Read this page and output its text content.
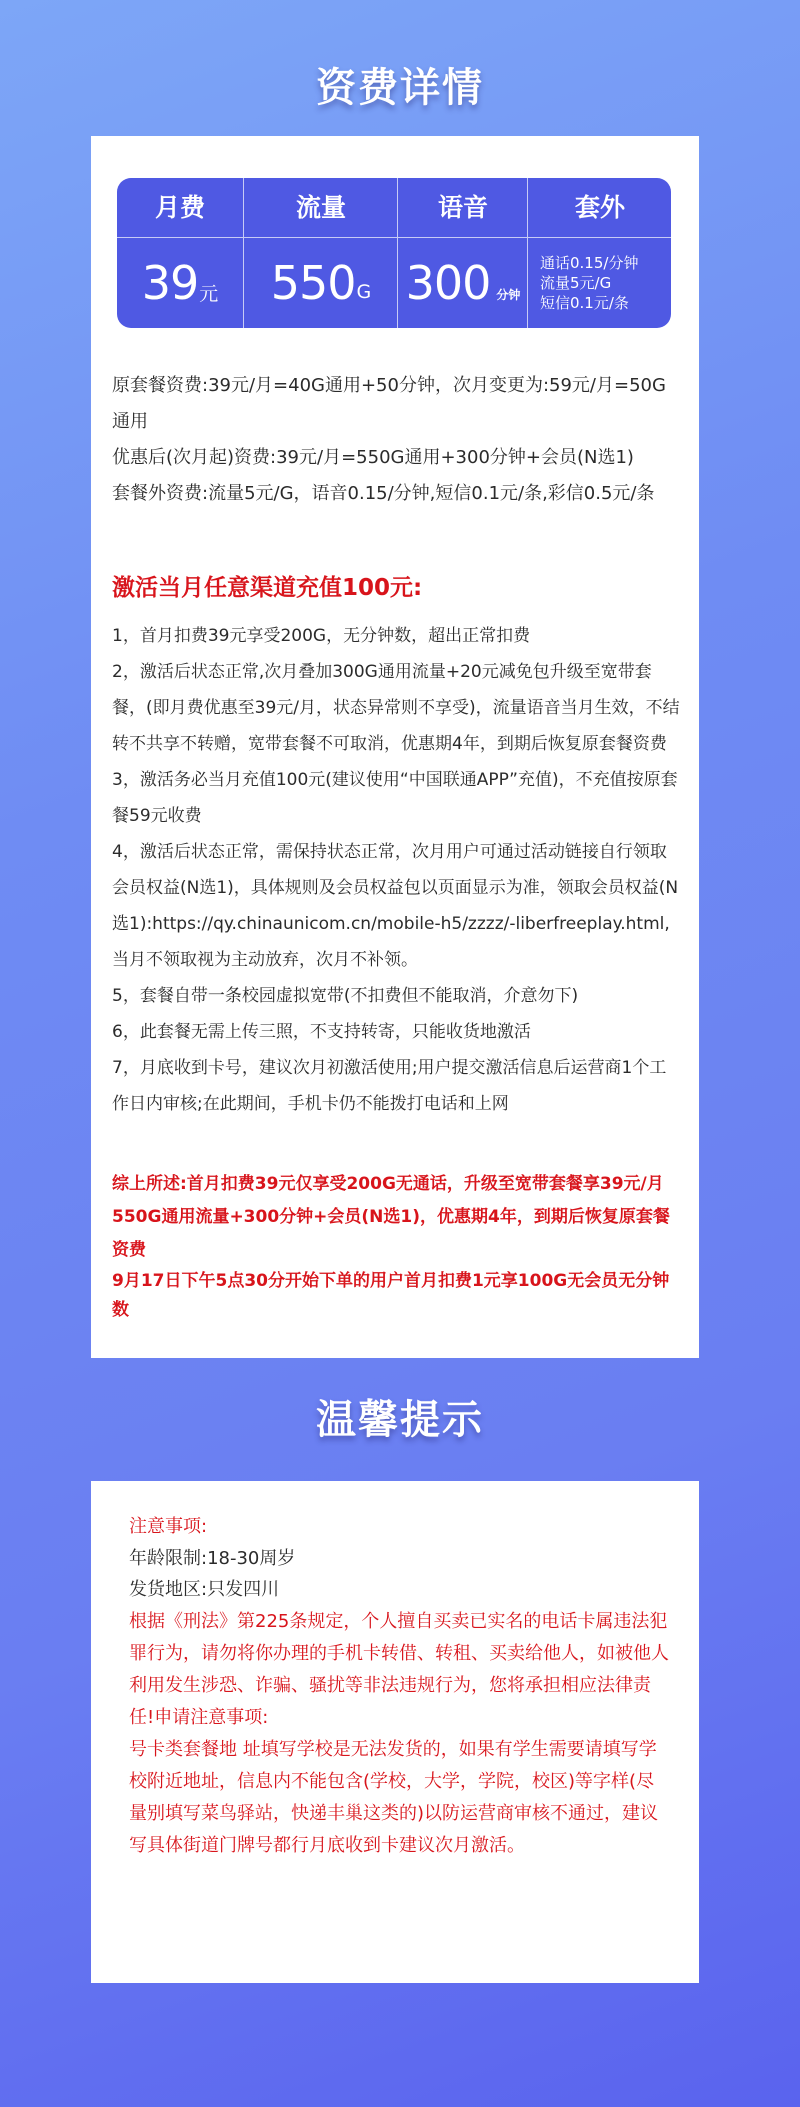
资费详情
月费
39 元
流量
550 G
语音
300 分钟
套外
通话0.15/分钟
流量5元/G
短信0.1元/条

原套餐资费:39元/月=40G通用+50分钟，次月变更为:59元/月=50G通用

优惠后(次月起)资费:39元/月=550G通用+300分钟+会员(N选1)

套餐外资费:流量5元/G，语音0.15/分钟,短信0.1元/条,彩信0.5元/条

激活当月任意渠道充值100元:

1，首月扣费39元享受200G，无分钟数，超出正常扣费

2，激活后状态正常,次月叠加300G通用流量+20元减免包升级至宽带套餐，(即月费优惠至39元/月，状态异常则不享受)，流量语音当月生效，不结转不共享不转赠，宽带套餐不可取消，优惠期4年，到期后恢复原套餐资费

3，激活务必当月充值100元(建议使用“中国联通APP”充值)，不充值按原套餐59元收费

4，激活后状态正常，需保持状态正常，次月用户可通过活动链接自行领取会员权益(N选1)，具体规则及会员权益包以页面显示为准，领取会员权益(N选1):https://qy.chinaunicom.cn/mobile-h5/zzzz/-liberfreeplay.html,当月不领取视为主动放弃，次月不补领。

5，套餐自带一条校园虚拟宽带(不扣费但不能取消，介意勿下)

6，此套餐无需上传三照，不支持转寄，只能收货地激活

7，月底收到卡号，建议次月初激活使用;用户提交激活信息后运营商1个工作日内审核;在此期间，手机卡仍不能拨打电话和上网

综上所述:首月扣费39元仅享受200G无通话，升级至宽带套餐享39元/月550G通用流量+300分钟+会员(N选1)，优惠期4年，到期后恢复原套餐资费

9月17日下午5点30分开始下单的用户首月扣费1元享100G无会员无分钟数

温馨提示

注意事项:

年龄限制:18-30周岁

发货地区:只发四川

根据《刑法》第225条规定，个人擅自买卖已实名的电话卡属违法犯罪行为，请勿将你办理的手机卡转借、转租、买卖给他人，如被他人利用发生涉恐、诈骗、骚扰等非法违规行为，您将承担相应法律责任!申请注意事项:

号卡类套餐地 址填写学校是无法发货的，如果有学生需要请填写学校附近地址，信息内不能包含(学校，大学，学院，校区)等字样(尽量别填写菜鸟驿站，快递丰巢这类的)以防运营商审核不通过，建议写具体街道门牌号都行月底收到卡建议次月激活。
